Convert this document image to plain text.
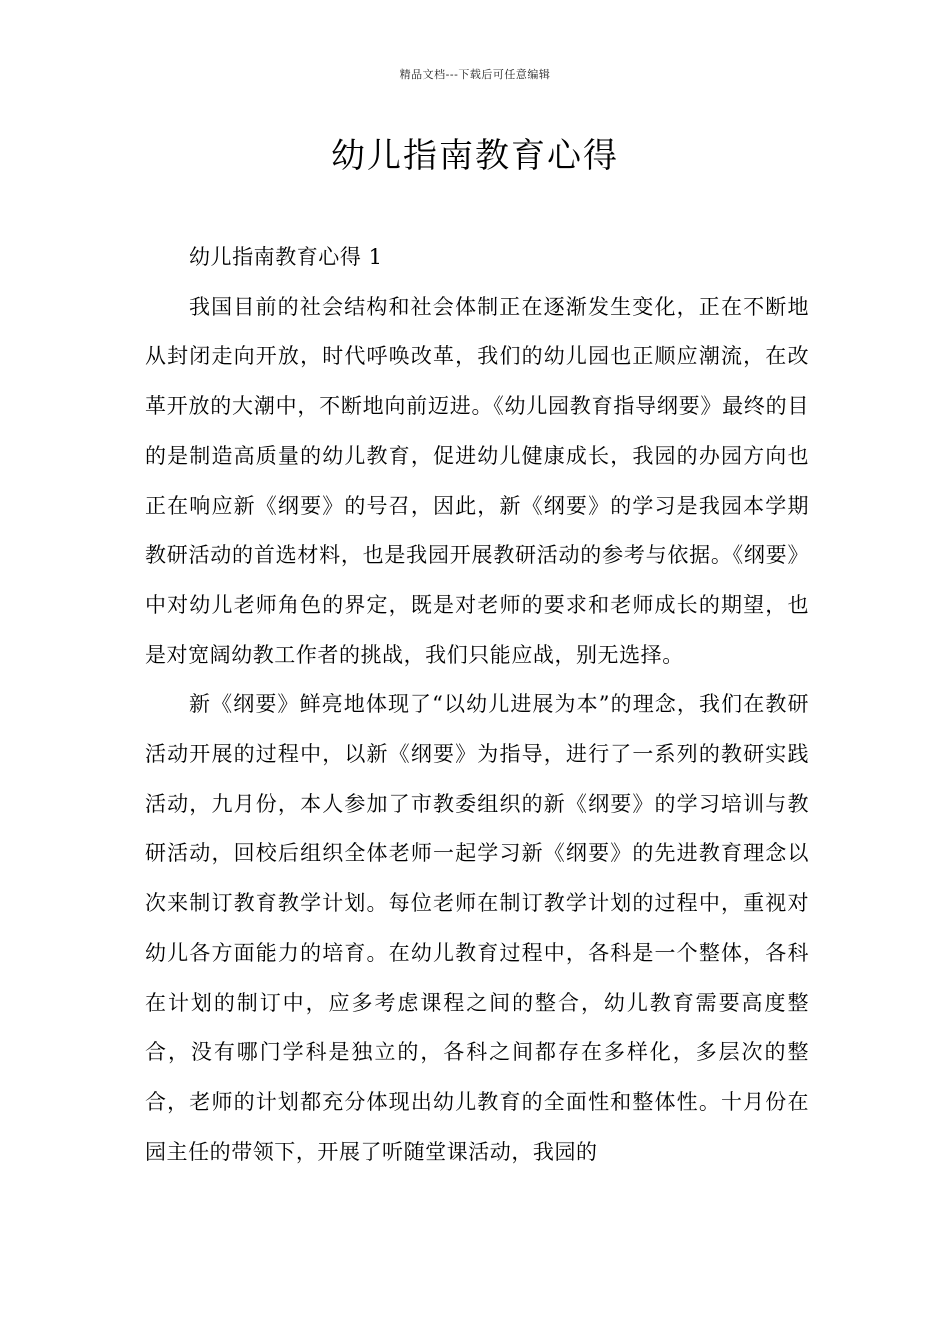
精品文档---下载后可任意编辑
幼儿指南教育心得

幼儿指南教育心得 1

我国目前的社会结构和社会体制正在逐渐发生变化，正在不断地从封闭走向开放，时代呼唤改革，我们的幼儿园也正顺应潮流，在改革开放的大潮中，不断地向前迈进。《幼儿园教育指导纲要》最终的目的是制造高质量的幼儿教育，促进幼儿健康成长，我园的办园方向也正在响应新《纲要》的号召，因此，新《纲要》的学习是我园本学期教研活动的首选材料，也是我园开展教研活动的参考与依据。《纲要》中对幼儿老师角色的界定，既是对老师的要求和老师成长的期望，也是对宽阔幼教工作者的挑战，我们只能应战，别无选择。

新《纲要》鲜亮地体现了“以幼儿进展为本”的理念，我们在教研活动开展的过程中，以新《纲要》为指导，进行了一系列的教研实践活动，九月份，本人参加了市教委组织的新《纲要》的学习培训与教研活动，回校后组织全体老师一起学习新《纲要》的先进教育理念以次来制订教育教学计划。每位老师在制订教学计划的过程中，重视对幼儿各方面能力的培育。在幼儿教育过程中，各科是一个整体，各科在计划的制订中，应多考虑课程之间的整合，幼儿教育需要高度整合，没有哪门学科是独立的，各科之间都存在多样化，多层次的整合，老师的计划都充分体现出幼儿教育的全面性和整体性。十月份在园主任的带领下，开展了听随堂课活动，我园的
